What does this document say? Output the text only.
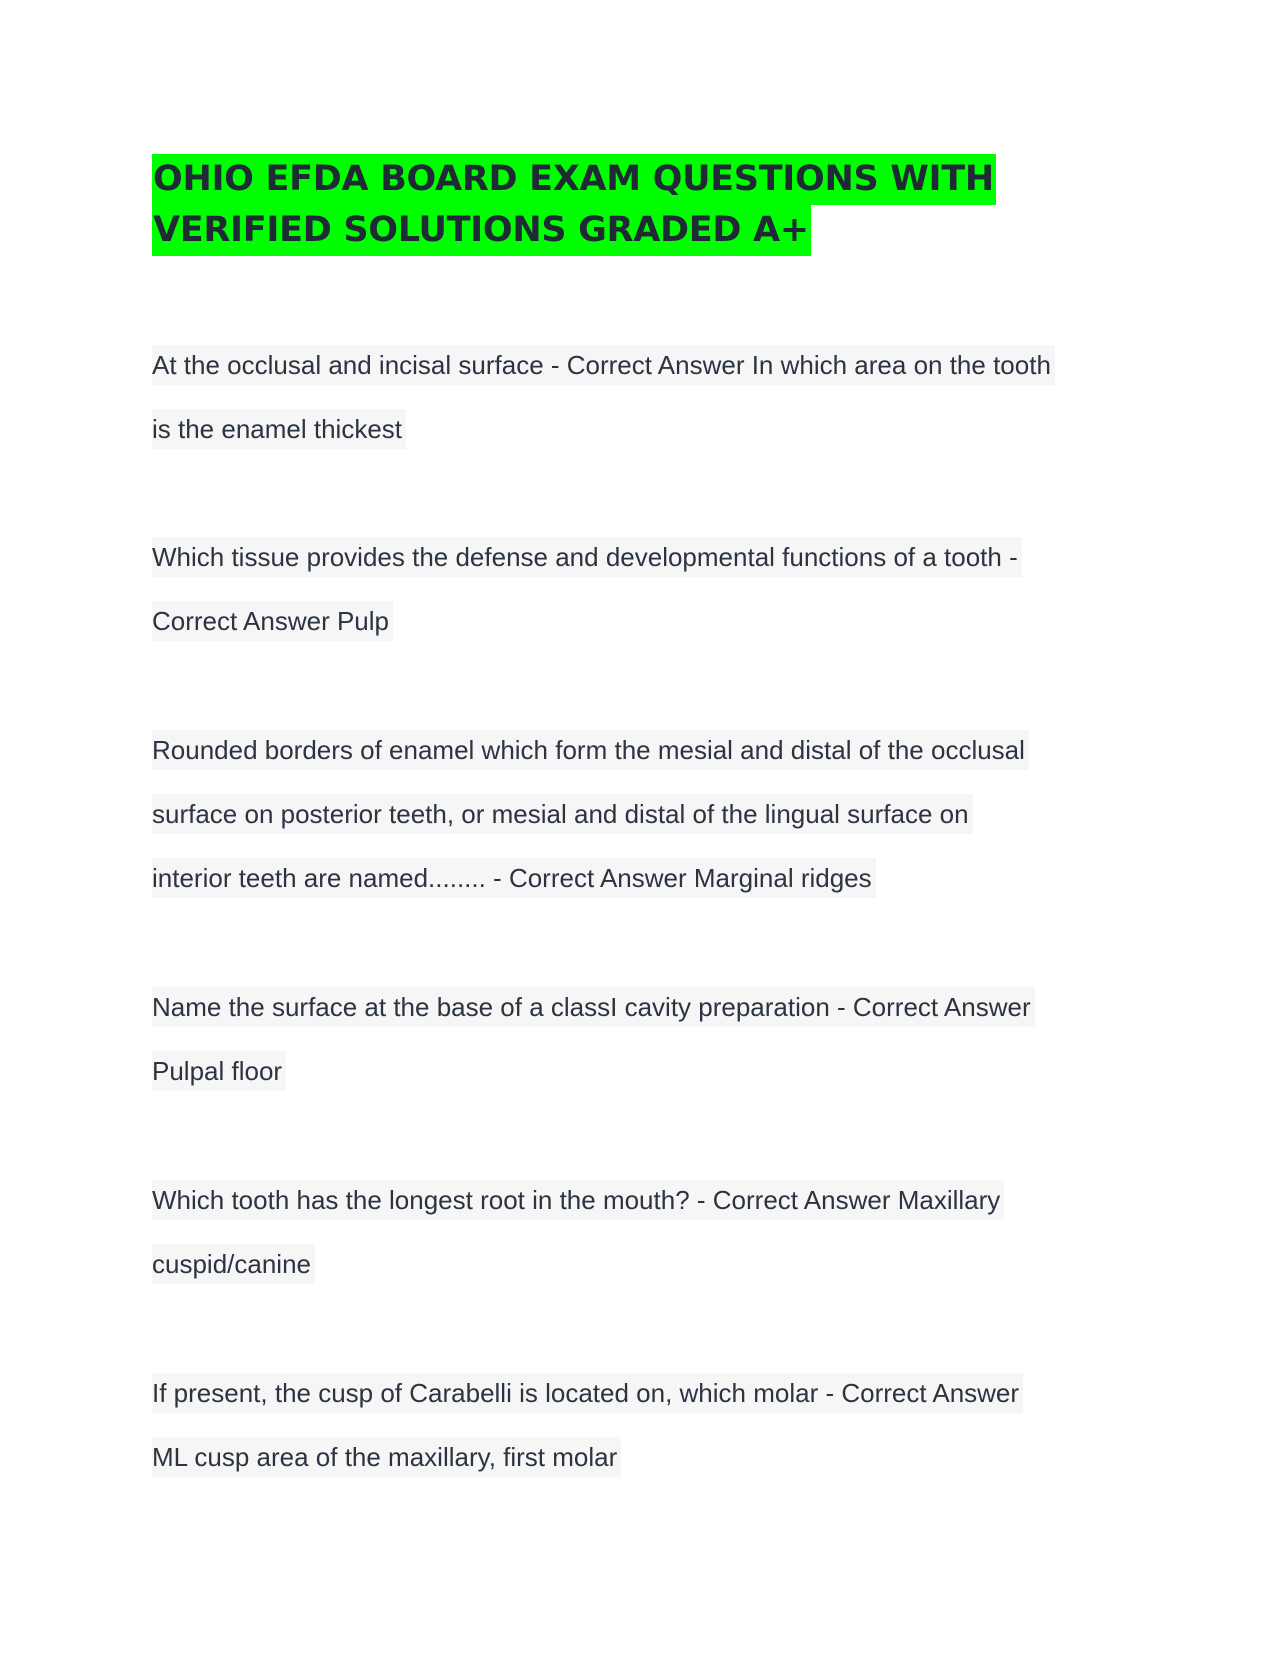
OHIO EFDA BOARD EXAM QUESTIONS WITH
VERIFIED SOLUTIONS GRADED A+
At the occlusal and incisal surface - Correct Answer In which area on the tooth
is the enamel thickest
Which tissue provides the defense and developmental functions of a tooth -
Correct Answer Pulp
Rounded borders of enamel which form the mesial and distal of the occlusal
surface on posterior teeth, or mesial and distal of the lingual surface on
interior teeth are named........ - Correct Answer Marginal ridges
Name the surface at the base of a classI cavity preparation - Correct Answer
Pulpal floor
Which tooth has the longest root in the mouth? - Correct Answer Maxillary
cuspid/canine
If present, the cusp of Carabelli is located on, which molar - Correct Answer
ML cusp area of the maxillary, first molar
